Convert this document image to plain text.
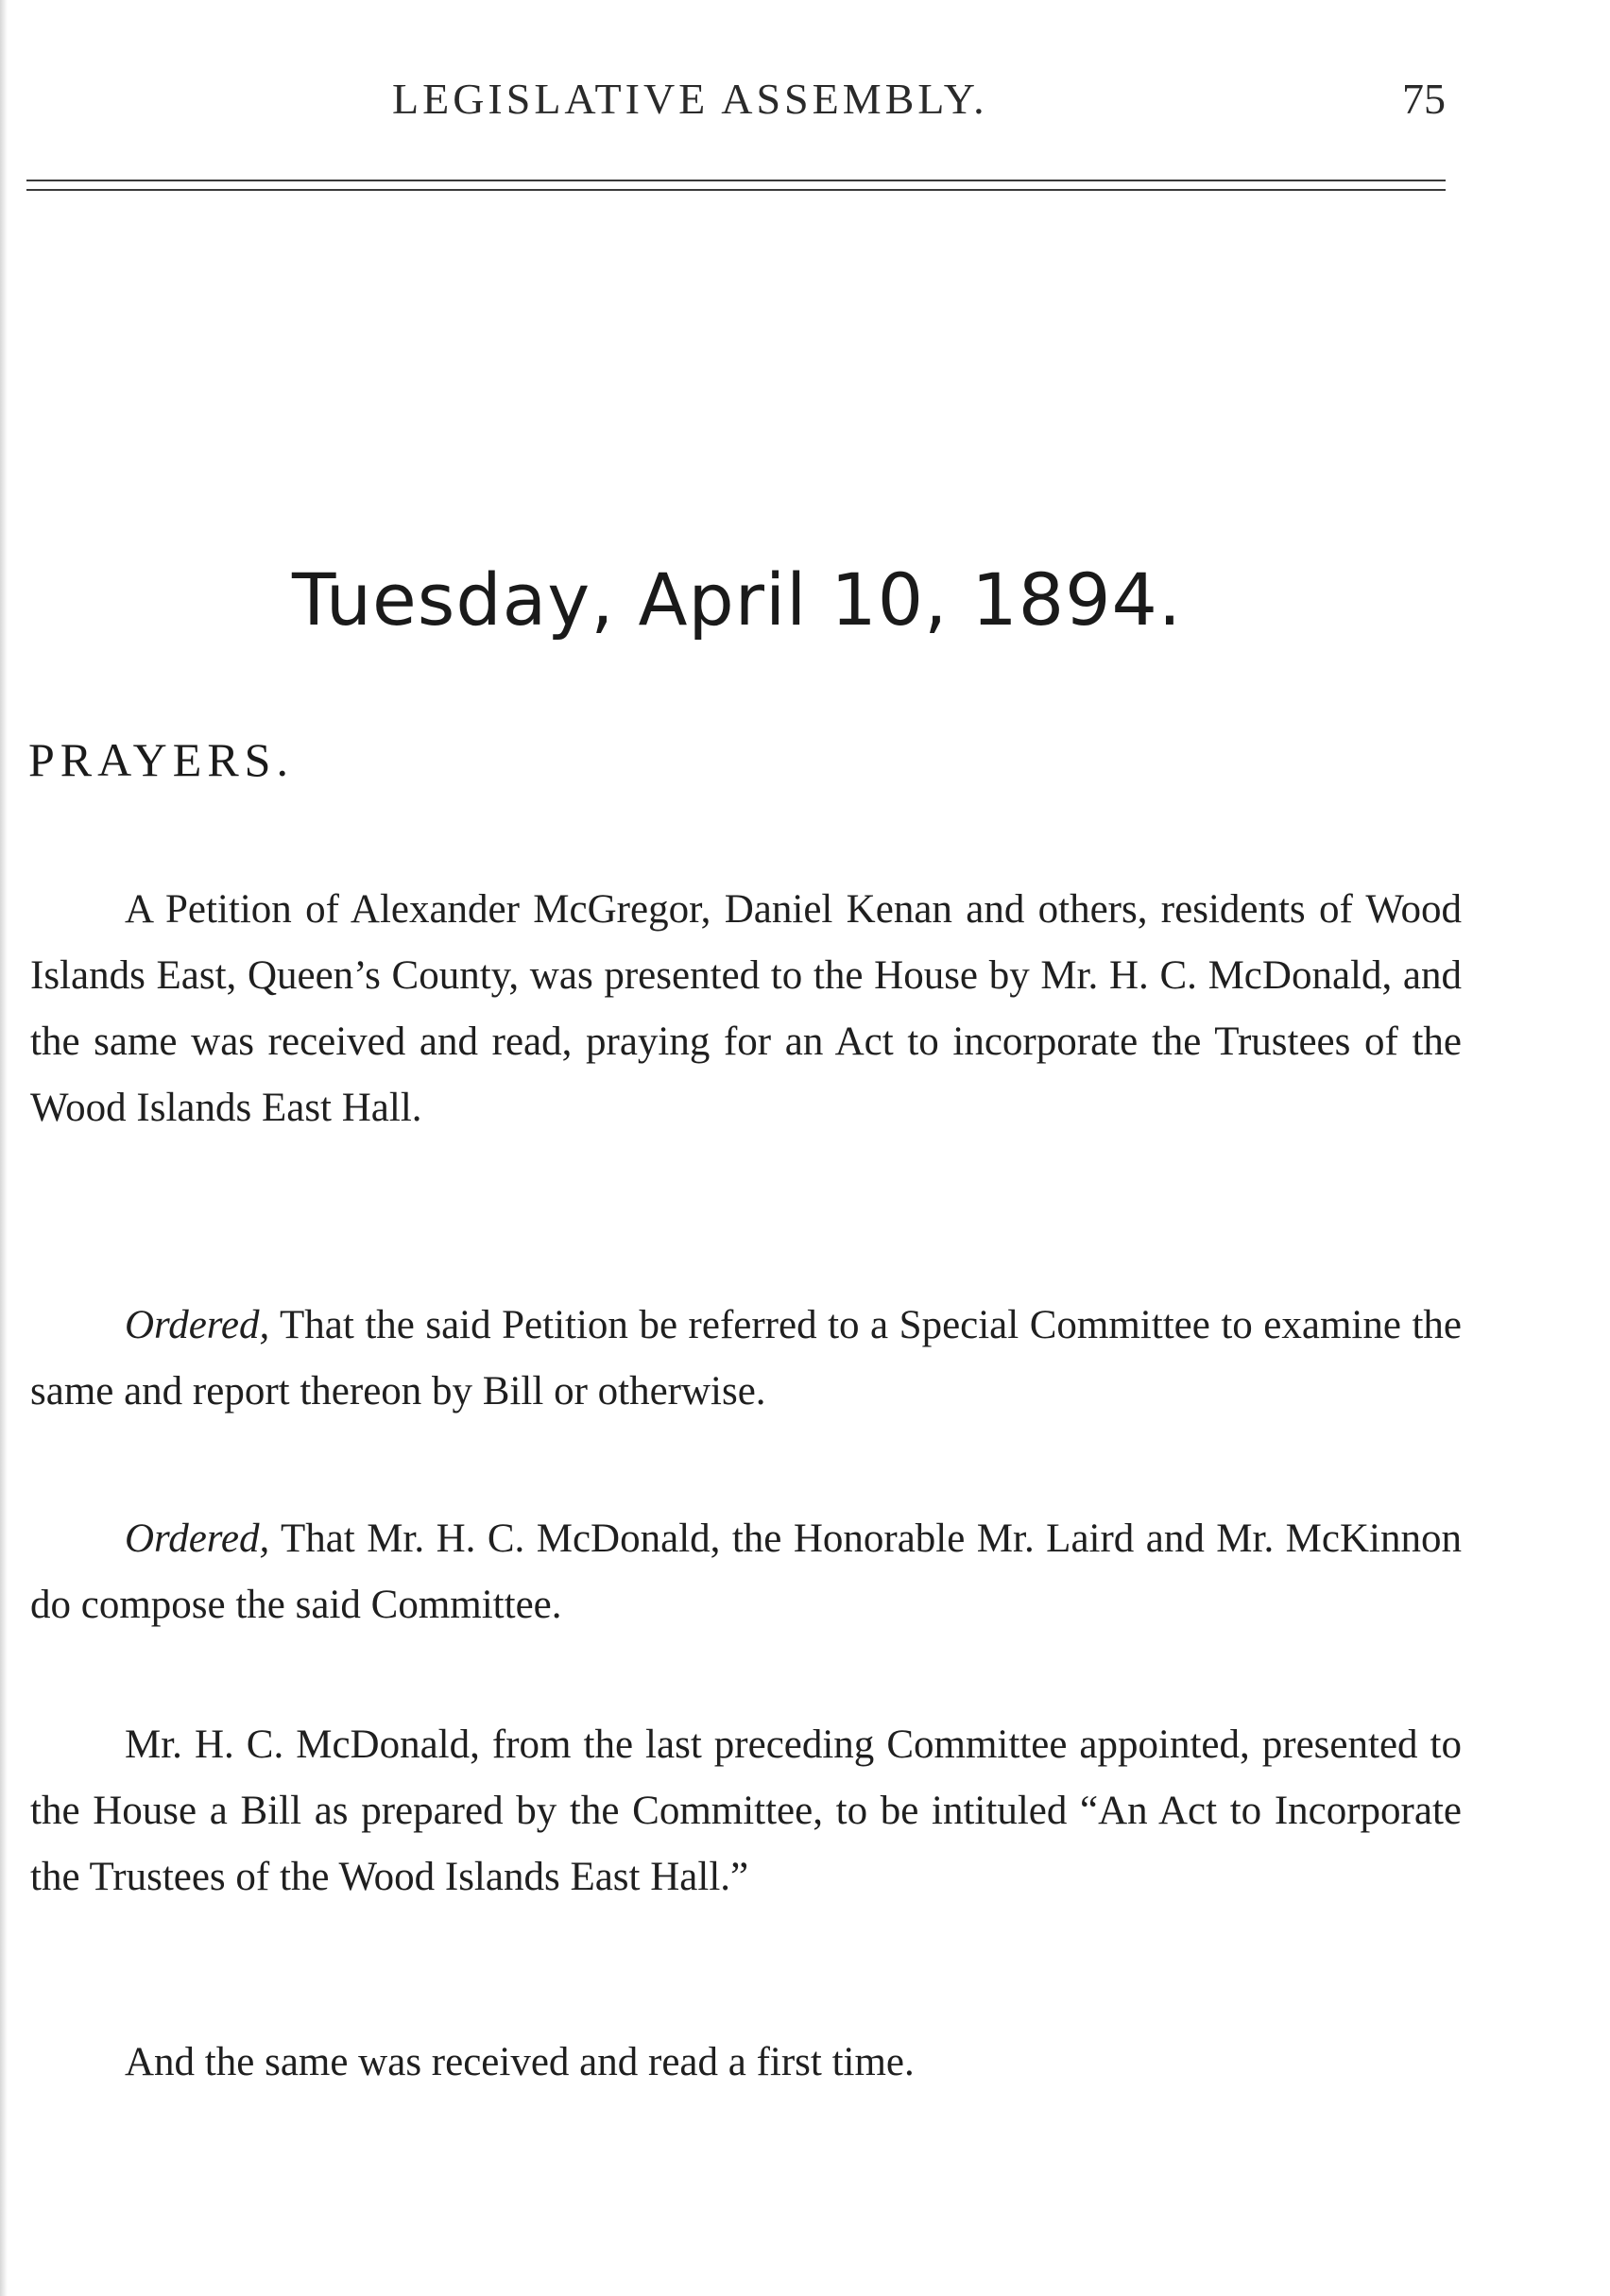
LEGISLATIVE ASSEMBLY.	75
Tuesday, April 10, 1894.
PRAYERS.

A Petition of Alexander McGregor, Daniel Kenan and others, residents of Wood Islands East, Queen’s County, was presented to the House by Mr. H. C. McDonald, and the same was received and read, praying for an Act to incorporate the Trustees of the Wood Islands East Hall.

Ordered, That the said Petition be referred to a Special Committee to examine the same and report thereon by Bill or otherwise.

Ordered, That Mr. H. C. McDonald, the Honorable Mr. Laird and Mr. McKinnon do compose the said Committee.

Mr. H. C. McDonald, from the last preceding Committee appointed, presented to the House a Bill as prepared by the Committee, to be intituled “An Act to Incorporate the Trustees of the Wood Islands East Hall.”

And the same was received and read a first time.
